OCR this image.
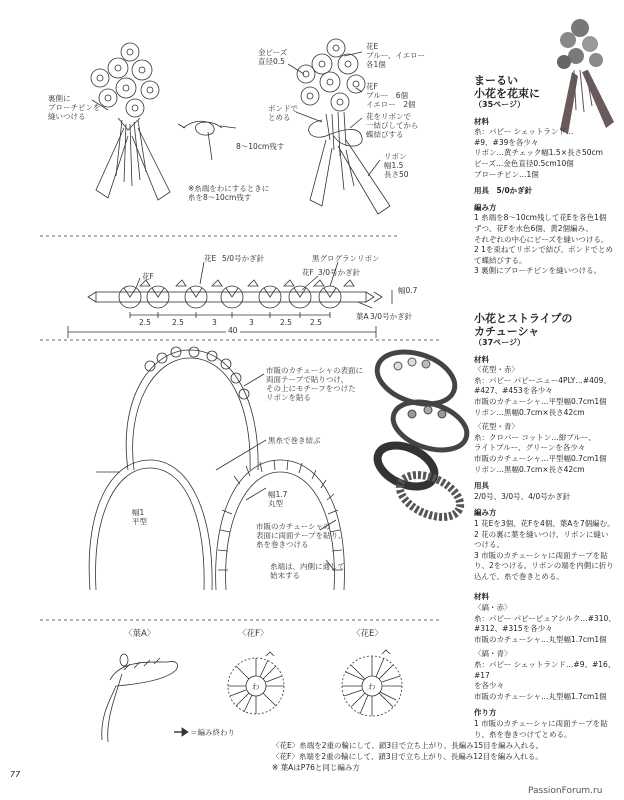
裏側に
ブローチピンを
縫いつける
金ビーズ
直径0.5
花E
ブルー、イエロー
各1個
花F
ブルー　6個
イエロー　2個
ボンドで
とめる	花をリボンで
一結びしてから
蝶結びする
リボン
幅1.5
長さ50
8〜10cm残す
※糸端をわにするときに
糸を8〜10cm残す
花E 5/0号かぎ針	黒グログランリボン
花F 3/0号かぎ針
花F
幅0.7
葉A 3/0号かぎ針
2.5	2.5	3	3	2.5 2.5
40
市販のカチューシャの表面に
両面テープで貼りつけ、
その上にモチーフをつけた
リボンを貼る
黒糸で巻き結ぶ
幅1
平型
幅1.7
丸型
市販のカチューシャの
表面に両面テープを貼り、
糸を巻きつける
糸端は、内側に通して
始末する
〈葉A〉	〈花F〉	〈花E〉
わ	わ
＝編み終わり
〈花E〉糸端を2重の輪にして、鎖3目で立ち上がり、長編み15目を編み入れる。
〈花F〉糸端を2重の輪にして、鎖3目で立ち上がり、長編み12目を編み入れる。
※ 葉AはP76と同じ編み方
77
PassionForum.ru
まーるい
小花を花束に
（35ページ）
材料
糸：パピー シェットランド…
#9、#39を各少々
リボン…黄チェック幅1.5×長さ50cm
ビーズ…金色直径0.5cm10個
ブローチピン…1個
用具　5/0かぎ針
編み方
1 糸端を8〜10cm残して花Eを各色1個
ずつ、花Fを水色6個、黄2個編み、
それぞれの中心にビーズを縫いつける。
2 1を束ねてリボンで結び、ボンドでとめ
て蝶結びする。
3 裏側にブローチピンを縫いつける。
小花とストライプの
カチューシャ
（37ページ）
材料
〈花型・赤〉
糸：パピー パピーニュー4PLY…#409、
#427、#453を各少々
市販のカチューシャ…平型幅0.7cm1個
リボン…黒幅0.7cm×長さ42cm
〈花型・青〉
糸：クロバー コットン…紺ブルー、
ライトブルー、グリーンを各少々
市販のカチューシャ…平型幅0.7cm1個
リボン…黒幅0.7cm×長さ42cm
用具
2/0号、3/0号、4/0号かぎ針
編み方
1 花Eを3個、花Fを4個、葉Aを7個編む。
2 花の裏に葉を縫いつけ、リボンに縫い
つける。
3 市販のカチューシャに両面テープを貼
り、2をつける。リボンの端を内側に折り
込んで、糸で巻きとめる。
材料
〈縞・赤〉
糸：パピー パピーピュアシルク…#310、
#312、#315を各少々
市販のカチューシャ…丸型幅1.7cm1個
〈縞・青〉
糸：パピー シェットランド…#9、#16、#17
を各少々
市販のカチューシャ…丸型幅1.7cm1個
作り方
1 市販のカチューシャに両面テープを貼
り、糸を巻きつけてとめる。
